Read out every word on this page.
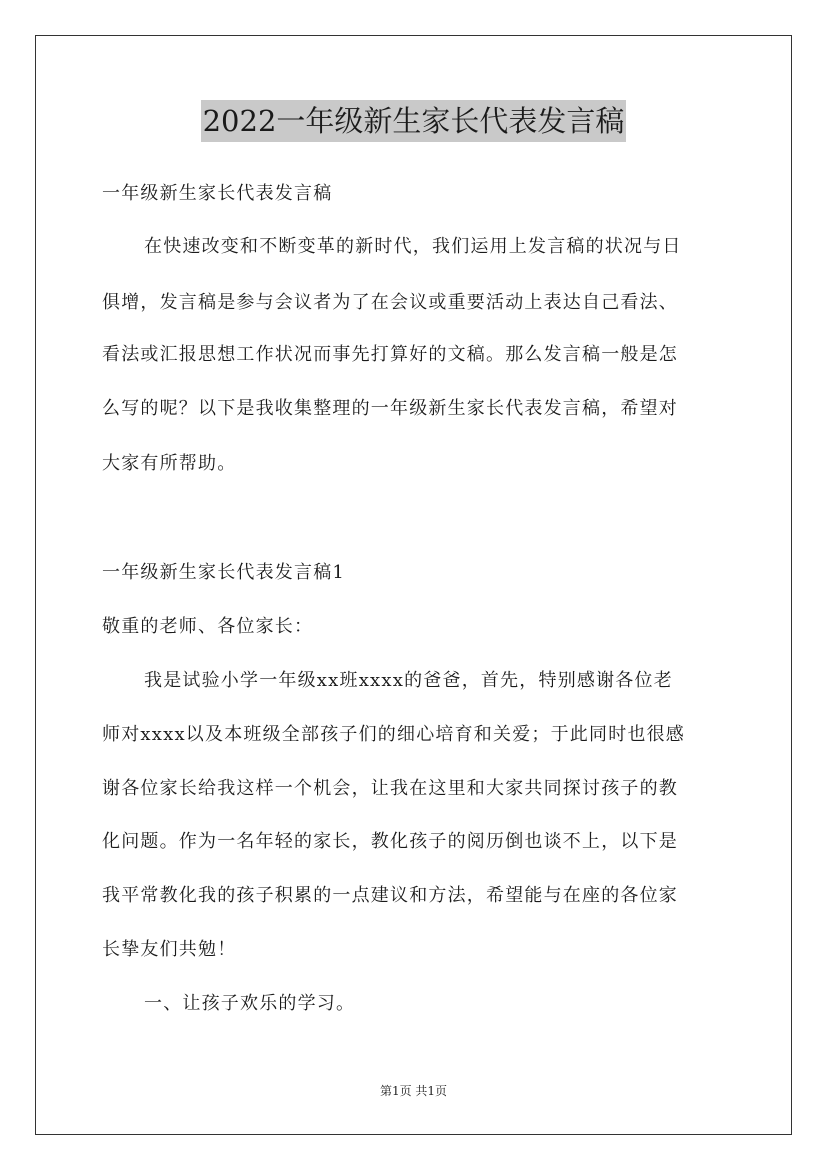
2022一年级新生家长代表发言稿
一年级新生家长代表发言稿
在快速改变和不断变革的新时代，我们运用上发言稿的状况与日
俱增，发言稿是参与会议者为了在会议或重要活动上表达自己看法、
看法或汇报思想工作状况而事先打算好的文稿。那么发言稿一般是怎
么写的呢？以下是我收集整理的一年级新生家长代表发言稿，希望对
大家有所帮助。
一年级新生家长代表发言稿1
敬重的老师、各位家长：
我是试验小学一年级xx班xxxx的爸爸，首先，特别感谢各位老
师对xxxx以及本班级全部孩子们的细心培育和关爱；于此同时也很感
谢各位家长给我这样一个机会，让我在这里和大家共同探讨孩子的教
化问题。作为一名年轻的家长，教化孩子的阅历倒也谈不上，以下是
我平常教化我的孩子积累的一点建议和方法，希望能与在座的各位家
长挚友们共勉！
一、让孩子欢乐的学习。
第1页 共1页
